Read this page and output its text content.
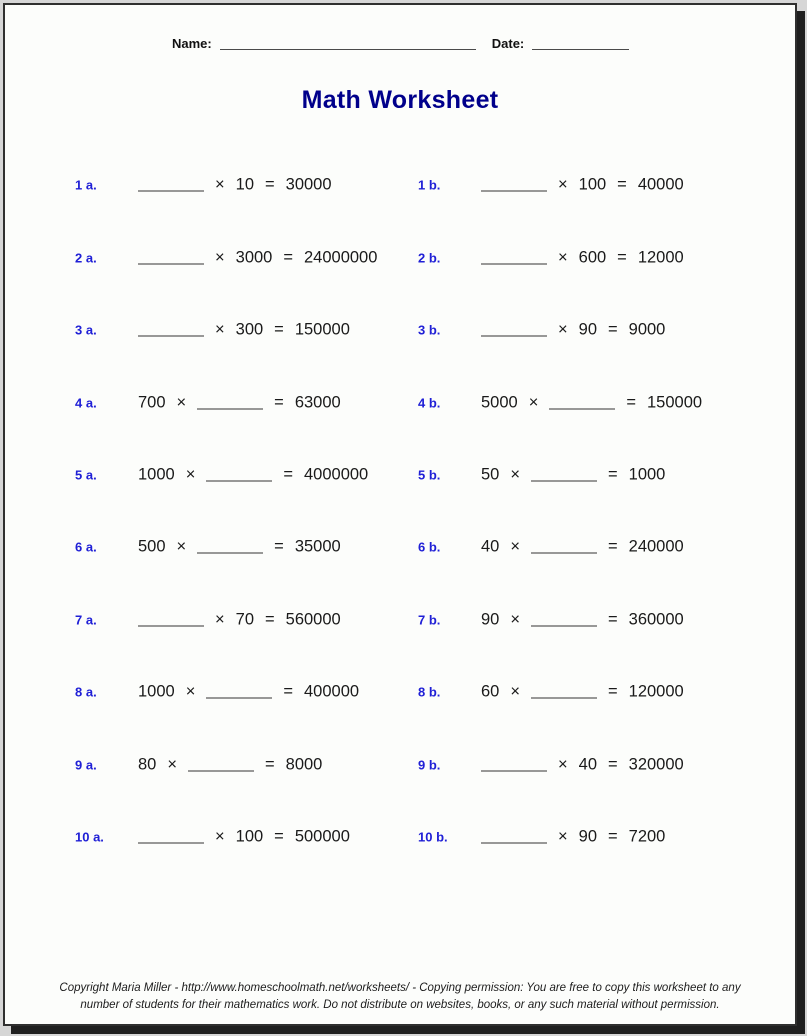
Name:	Date:
Math Worksheet
1 a.	× 10 = 30000	1 b.	× 100 = 40000
2 a.	× 3000 = 24000000	2 b.	× 600 = 12000
3 a.	× 300 = 150000	3 b.	× 90 = 9000
4 a.	700 ×	= 63000	4 b.	5000 ×	= 150000
5 a.	1000 ×	= 4000000	5 b.	50 ×	= 1000
6 a.	500 ×	= 35000	6 b.	40 ×	= 240000
7 a.	× 70 = 560000	7 b.	90 ×	= 360000
8 a.	1000 ×	= 400000	8 b.	60 ×	= 120000
9 a.	80 ×	= 8000	9 b.	× 40 = 320000
10 a.	× 100 = 500000	10 b.	× 90 = 7200
Copyright Maria Miller - http://www.homeschoolmath.net/worksheets/ - Copying permission: You are free to copy this worksheet to any
number of students for their mathematics work. Do not distribute on websites, books, or any such material without permission.
